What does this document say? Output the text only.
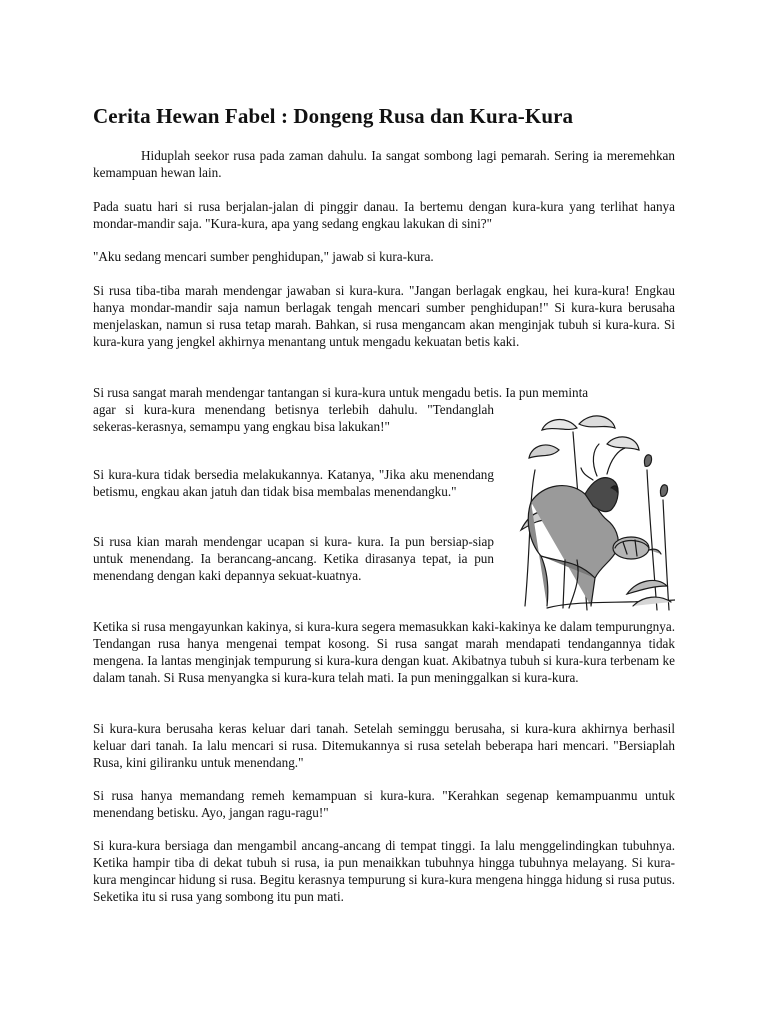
Cerita Hewan Fabel : Dongeng Rusa dan Kura-Kura

Hiduplah seekor rusa pada zaman dahulu. Ia sangat sombong lagi pemarah. Sering ia meremehkan kemampuan hewan lain.

Pada suatu hari si rusa berjalan-jalan di pinggir danau. Ia bertemu dengan kura-kura yang terlihat hanya mondar-mandir saja. "Kura-kura, apa yang sedang engkau lakukan di sini?"

"Aku sedang mencari sumber penghidupan," jawab si kura-kura.

Si rusa tiba-tiba marah mendengar jawaban si kura-kura. "Jangan berlagak engkau, hei kura-kura! Engkau hanya mondar-mandir saja namun berlagak tengah mencari sumber penghidupan!" Si kura-kura berusaha menjelaskan, namun si rusa tetap marah. Bahkan, si rusa mengancam akan menginjak tubuh si kura-kura. Si kura-kura yang jengkel akhirnya menantang untuk mengadu kekuatan betis kaki.

Si rusa sangat marah mendengar tantangan si kura-kura untuk mengadu betis. Ia pun meminta

agar si kura-kura menendang betisnya terlebih dahulu. "Tendanglah sekeras-kerasnya, semampu yang engkau bisa lakukan!"

Si kura-kura tidak bersedia melakukannya. Katanya, "Jika aku menendang betismu, engkau akan jatuh dan tidak bisa membalas menendangku."

Si rusa kian marah mendengar ucapan si kura- kura. Ia pun bersiap-siap untuk menendang. Ia berancang-ancang. Ketika dirasanya tepat, ia pun menendang dengan kaki depannya sekuat-kuatnya.

Ketika si rusa mengayunkan kakinya, si kura-kura segera memasukkan kaki-kakinya ke dalam tempurungnya. Tendangan rusa hanya mengenai tempat kosong. Si rusa sangat marah mendapati tendangannya tidak mengena. Ia lantas menginjak tempurung si kura-kura dengan kuat. Akibatnya tubuh si kura-kura terbenam ke dalam tanah. Si Rusa menyangka si kura-kura telah mati. Ia pun meninggalkan si kura-kura.

Si kura-kura berusaha keras keluar dari tanah. Setelah seminggu berusaha, si kura-kura akhirnya berhasil keluar dari tanah. Ia lalu mencari si rusa. Ditemukannya si rusa setelah beberapa hari mencari. "Bersiaplah Rusa, kini giliranku untuk menendang."

Si rusa hanya memandang remeh kemampuan si kura-kura. "Kerahkan segenap kemampuanmu untuk menendang betisku. Ayo, jangan ragu-ragu!"

Si kura-kura bersiaga dan mengambil ancang-ancang di tempat tinggi. Ia lalu menggelindingkan tubuhnya. Ketika hampir tiba di dekat tubuh si rusa, ia pun menaikkan tubuhnya hingga tubuhnya melayang. Si kura-kura mengincar hidung si rusa. Begitu kerasnya tempurung si kura-kura mengena hingga hidung si rusa putus. Seketika itu si rusa yang sombong itu pun mati.
